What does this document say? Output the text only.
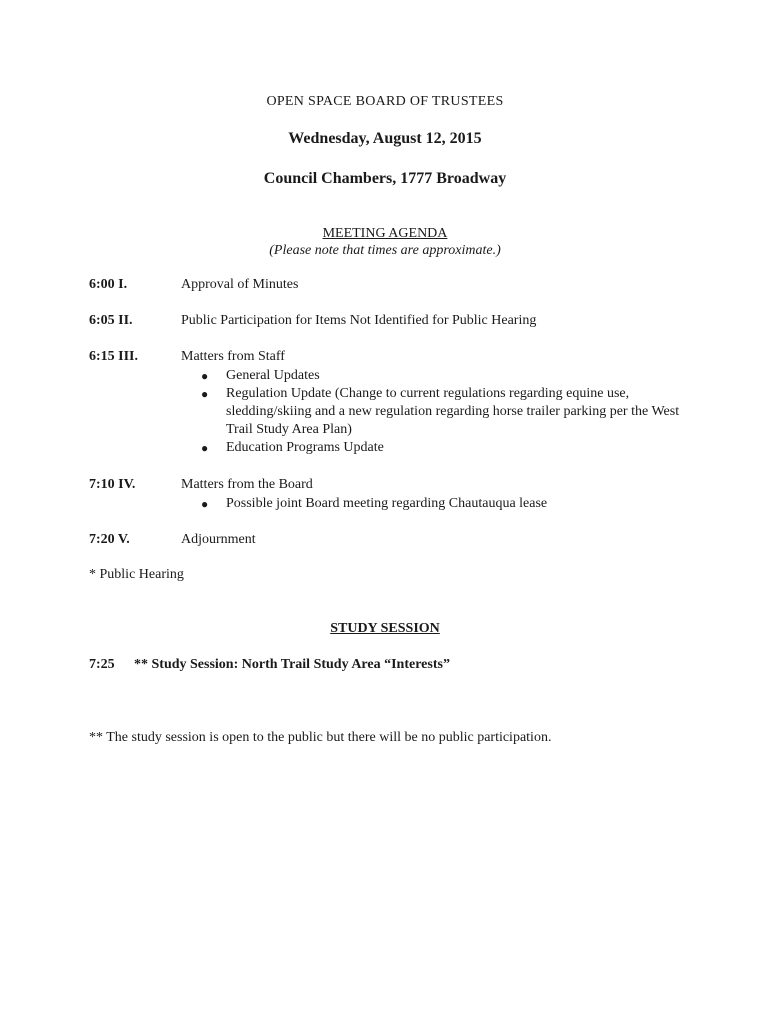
OPEN SPACE BOARD OF TRUSTEES
Wednesday, August 12, 2015
Council Chambers, 1777 Broadway
MEETING AGENDA
(Please note that times are approximate.)
6:00 I.	Approval of Minutes
6:05 II.	Public Participation for Items Not Identified for Public Hearing
6:15 III.	Matters from Staff
● General Updates
● Regulation Update (Change to current regulations regarding equine use, sledding/skiing and a new regulation regarding horse trailer parking per the West Trail Study Area Plan)
● Education Programs Update
7:10 IV.	Matters from the Board
● Possible joint Board meeting regarding Chautauqua lease
7:20 V.	Adjournment
* Public Hearing
STUDY SESSION
7:25 ** Study Session: North Trail Study Area “Interests”
** The study session is open to the public but there will be no public participation.
